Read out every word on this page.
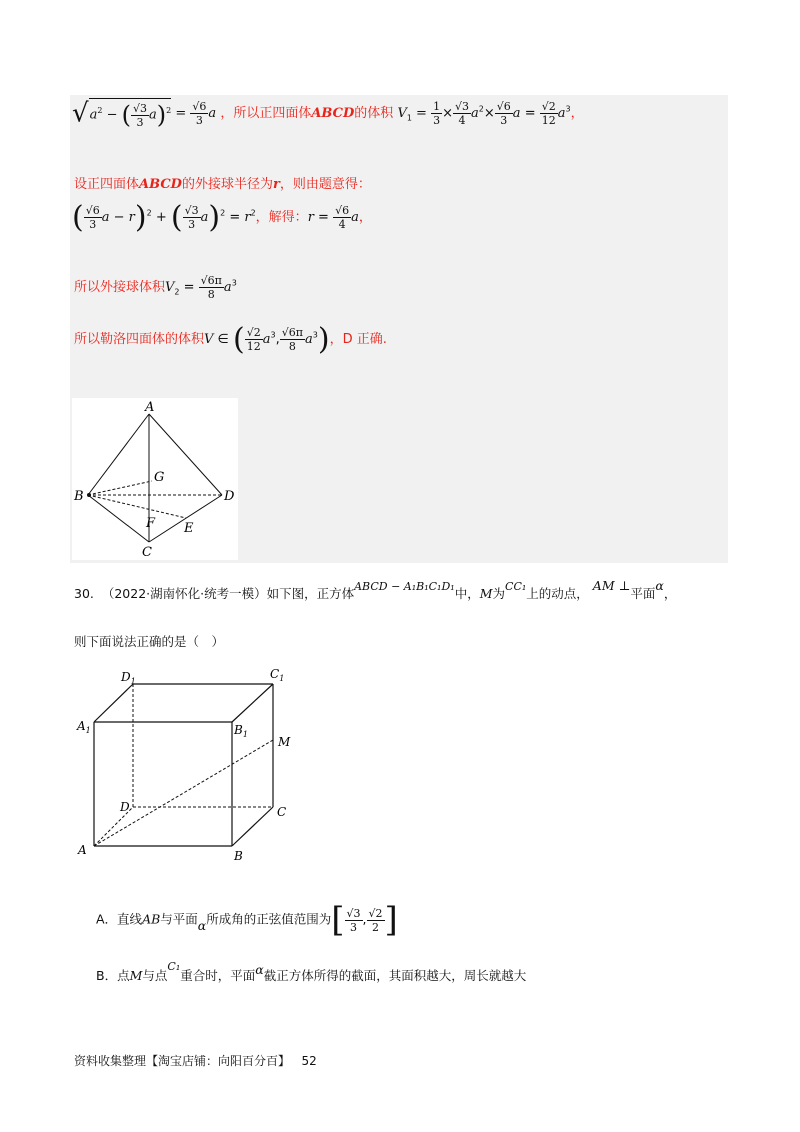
$√a^2$ − ( $\frac{√3}{3} a)^2 = \frac{√6}{3}$ a ，所以正四面体ABCD的体积 $V_1 = \frac{1}{3} \times \frac{√3}{4} a^2\times \frac{√6}{3}$ $a = \frac{√2}{12} a^3$，
设正四面体ABCD的外接球半径为r，则由题意得：
( $\frac{√6}{3}$ a − r)$^2$ + ( $\frac{√3}{3} a)^2 = r^2$，解得：$r = \frac{√6}{4}$ a，
所以外接球体积$V_2 = \frac{√6\pi}{8} a^3$
所以勒洛四面体的体积V ∈ ( $\frac{√2}{12} a^3$, $\frac{√6\pi}{8} a^3$)，D 正确.
A
B
C
D
G
F E
30. （2022·湖南怀化·统考一模）如下图，正方体ABCD − A₁B₁C₁D₁中，M为CC₁上的动点， AM ⊥平面α，
则下面说法正确的是（　）
$D_1$
$C_1$
$A_1$	$B_1$
M
D	C
A	B
A．直线AB与平面α所成角的正弦值范围为[ $\frac{√3}{3}$ , $\frac{√2}{2}$ ]
B．点M与点C₁重合时，平面α截正方体所得的截面，其面积越大，周长就越大
资料收集整理【淘宝店铺：向阳百分百】 52
